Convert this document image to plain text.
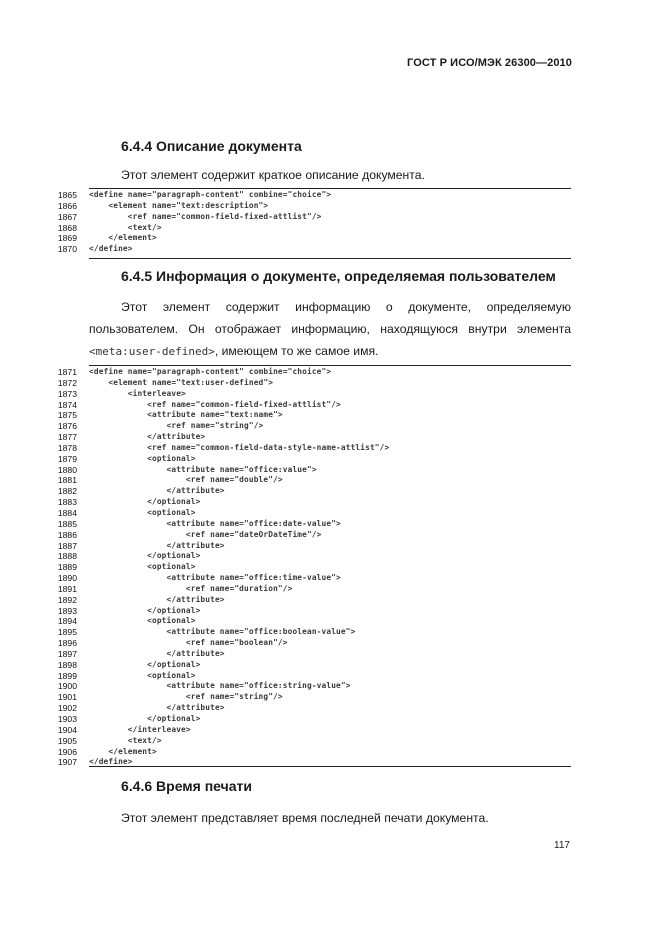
ГОСТ Р ИСО/МЭК 26300—2010
6.4.4 Описание документа
Этот элемент содержит краткое описание документа.
1865 <define name="paragraph-content" combine="choice">
1866 <element name="text:description">
1867 <ref name="common-field-fixed-attlist"/>
1868 <text/>
1869 </element>
1870 </define>
6.4.5 Информация о документе, определяемая пользователем
Этот элемент содержит информацию о документе, определяемую
пользователем. Он отображает информацию, находящуюся внутри элемента
<meta:user-defined>, имеющем то же самое имя.
1871 <define name="paragraph-content" combine="choice">
1872 <element name="text:user-defined">
1873 <interleave>
1874 <ref name="common-field-fixed-attlist"/>
1875 <attribute name="text:name">
1876 <ref name="string"/>
1877 </attribute>
1878 <ref name="common-field-data-style-name-attlist"/>
1879 <optional>
1880 <attribute name="office:value">
1881 <ref name="double"/>
1882 </attribute>
1883 </optional>
1884 <optional>
1885 <attribute name="office:date-value">
1886 <ref name="dateOrDateTime"/>
1887 </attribute>
1888 </optional>
1889 <optional>
1890 <attribute name="office:time-value">
1891 <ref name="duration"/>
1892 </attribute>
1893 </optional>
1894 <optional>
1895 <attribute name="office:boolean-value">
1896 <ref name="boolean"/>
1897 </attribute>
1898 </optional>
1899 <optional>
1900 <attribute name="office:string-value">
1901 <ref name="string"/>
1902 </attribute>
1903 </optional>
1904 </interleave>
1905 <text/>
1906 </element>
1907 </define>
6.4.6 Время печати
Этот элемент представляет время последней печати документа.
117
